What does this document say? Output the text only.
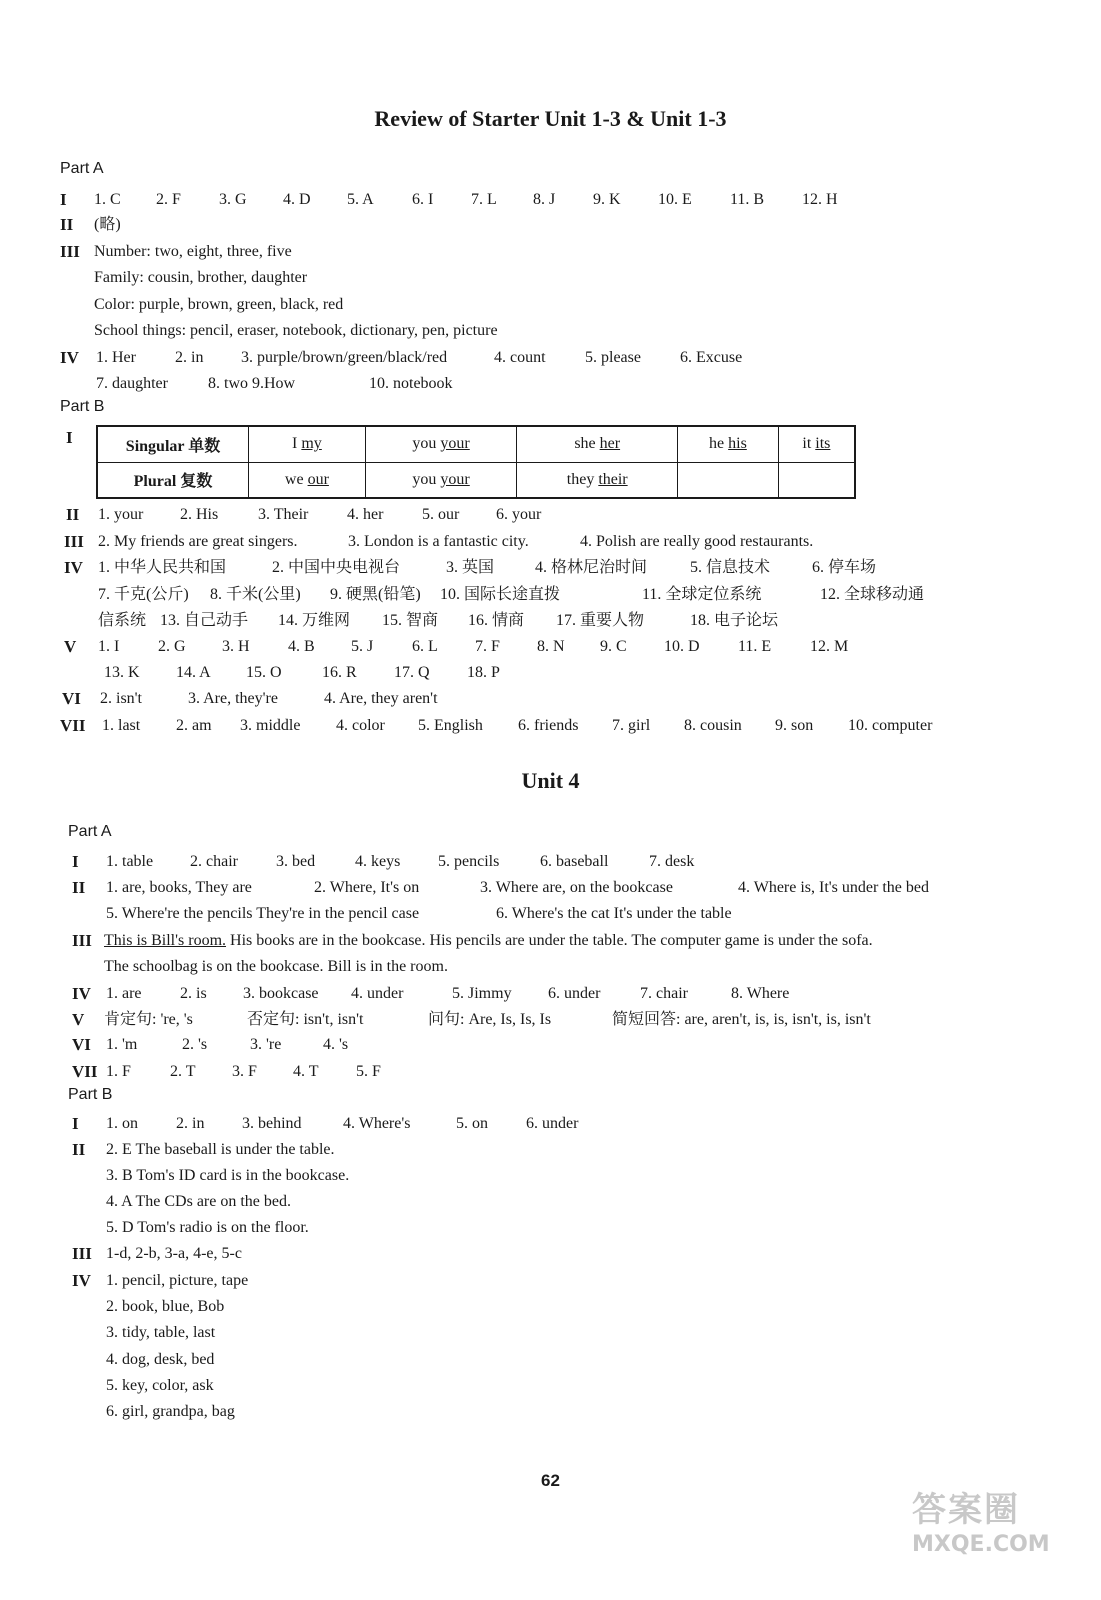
Review of Starter Unit 1-3 & Unit 1-3
Part A
I 1. C 2. F 3. G 4. D 5. A 6. I 7. L 8. J 9. K 10. E 11. B 12. H
II (略)
III Number: two, eight, three, five
Family: cousin, brother, daughter
Color: purple, brown, green, black, red
School things: pencil, eraser, notebook, dictionary, pen, picture
IV 1. Her 2. in 3. purple/brown/green/black/red	4. count 5. please 6. Excuse
7. daughter	8. two 9.How	10. notebook
Part B
I	Singular 单数	I my	you your	she her	he his	it its
Plural 复数	we our	you your	they their		
II 1. your 2. His 3. Their 4. her 5. our 6. your
III 2. My friends are great singers.	3. London is a fantastic city.	4. Polish are really good restaurants.
IV 1. 中华人民共和国	2. 中国中央电视台	3. 英国	4. 格林尼治时间	5. 信息技术	6. 停车场
7. 千克(公斤) 8. 千米(公里) 9. 硬黑(铅笔) 10. 国际长途直拨	11. 全球定位系统	12. 全球移动通
信系统 13. 自己动手 14. 万维网 15. 智商 16. 情商 17. 重要人物	18. 电子论坛
V 1. I 2. G 3. H 4. B 5. J 6. L 7. F 8. N 9. C 10. D 11. E 12. M
13. K 14. A 15. O	16. R 17. Q 18. P
VI 2. isn't	3. Are, they're	4. Are, they aren't
VII 1. last 2. am 3. middle 4. color 5. English 6. friends 7. girl 8. cousin 9. son 10. computer
Unit 4
Part A
I 1. table 2. chair 3. bed 4. keys 5. pencils	6. baseball	7. desk
II 1. are, books, They are	2. Where, It's on	3. Where are, on the bookcase	4. Where is, It's under the bed
5. Where're the pencils They're in the pencil case	6. Where's the cat It's under the table
III This is Bill's room. His books are in the bookcase. His pencils are under the table. The computer game is under the sofa.
The schoolbag is on the bookcase. Bill is in the room.
IV 1. are 2. is 3. bookcase 4. under	5. Jimmy 6. under 7. chair	8. Where
V 肯定句: 're, 's	否定句: isn't, isn't	问句: Are, Is, Is, Is	简短回答: are, aren't, is, is, isn't, is, isn't
VI 1. 'm	2. 's	3. 're	4. 's
VII 1. F 2. T 3. F 4. T 5. F
Part B
I 1. on 2. in 3. behind	4. Where's	5. on 6. under
II 2. E The baseball is under the table.
3. B Tom's ID card is in the bookcase.
4. A The CDs are on the bed.
5. D Tom's radio is on the floor.
III 1-d, 2-b, 3-a, 4-e, 5-c
IV 1. pencil, picture, tape
2. book, blue, Bob
3. tidy, table, last
4. dog, desk, bed
5. key, color, ask
6. girl, grandpa, bag
62
答案圈
MXQE.COM
